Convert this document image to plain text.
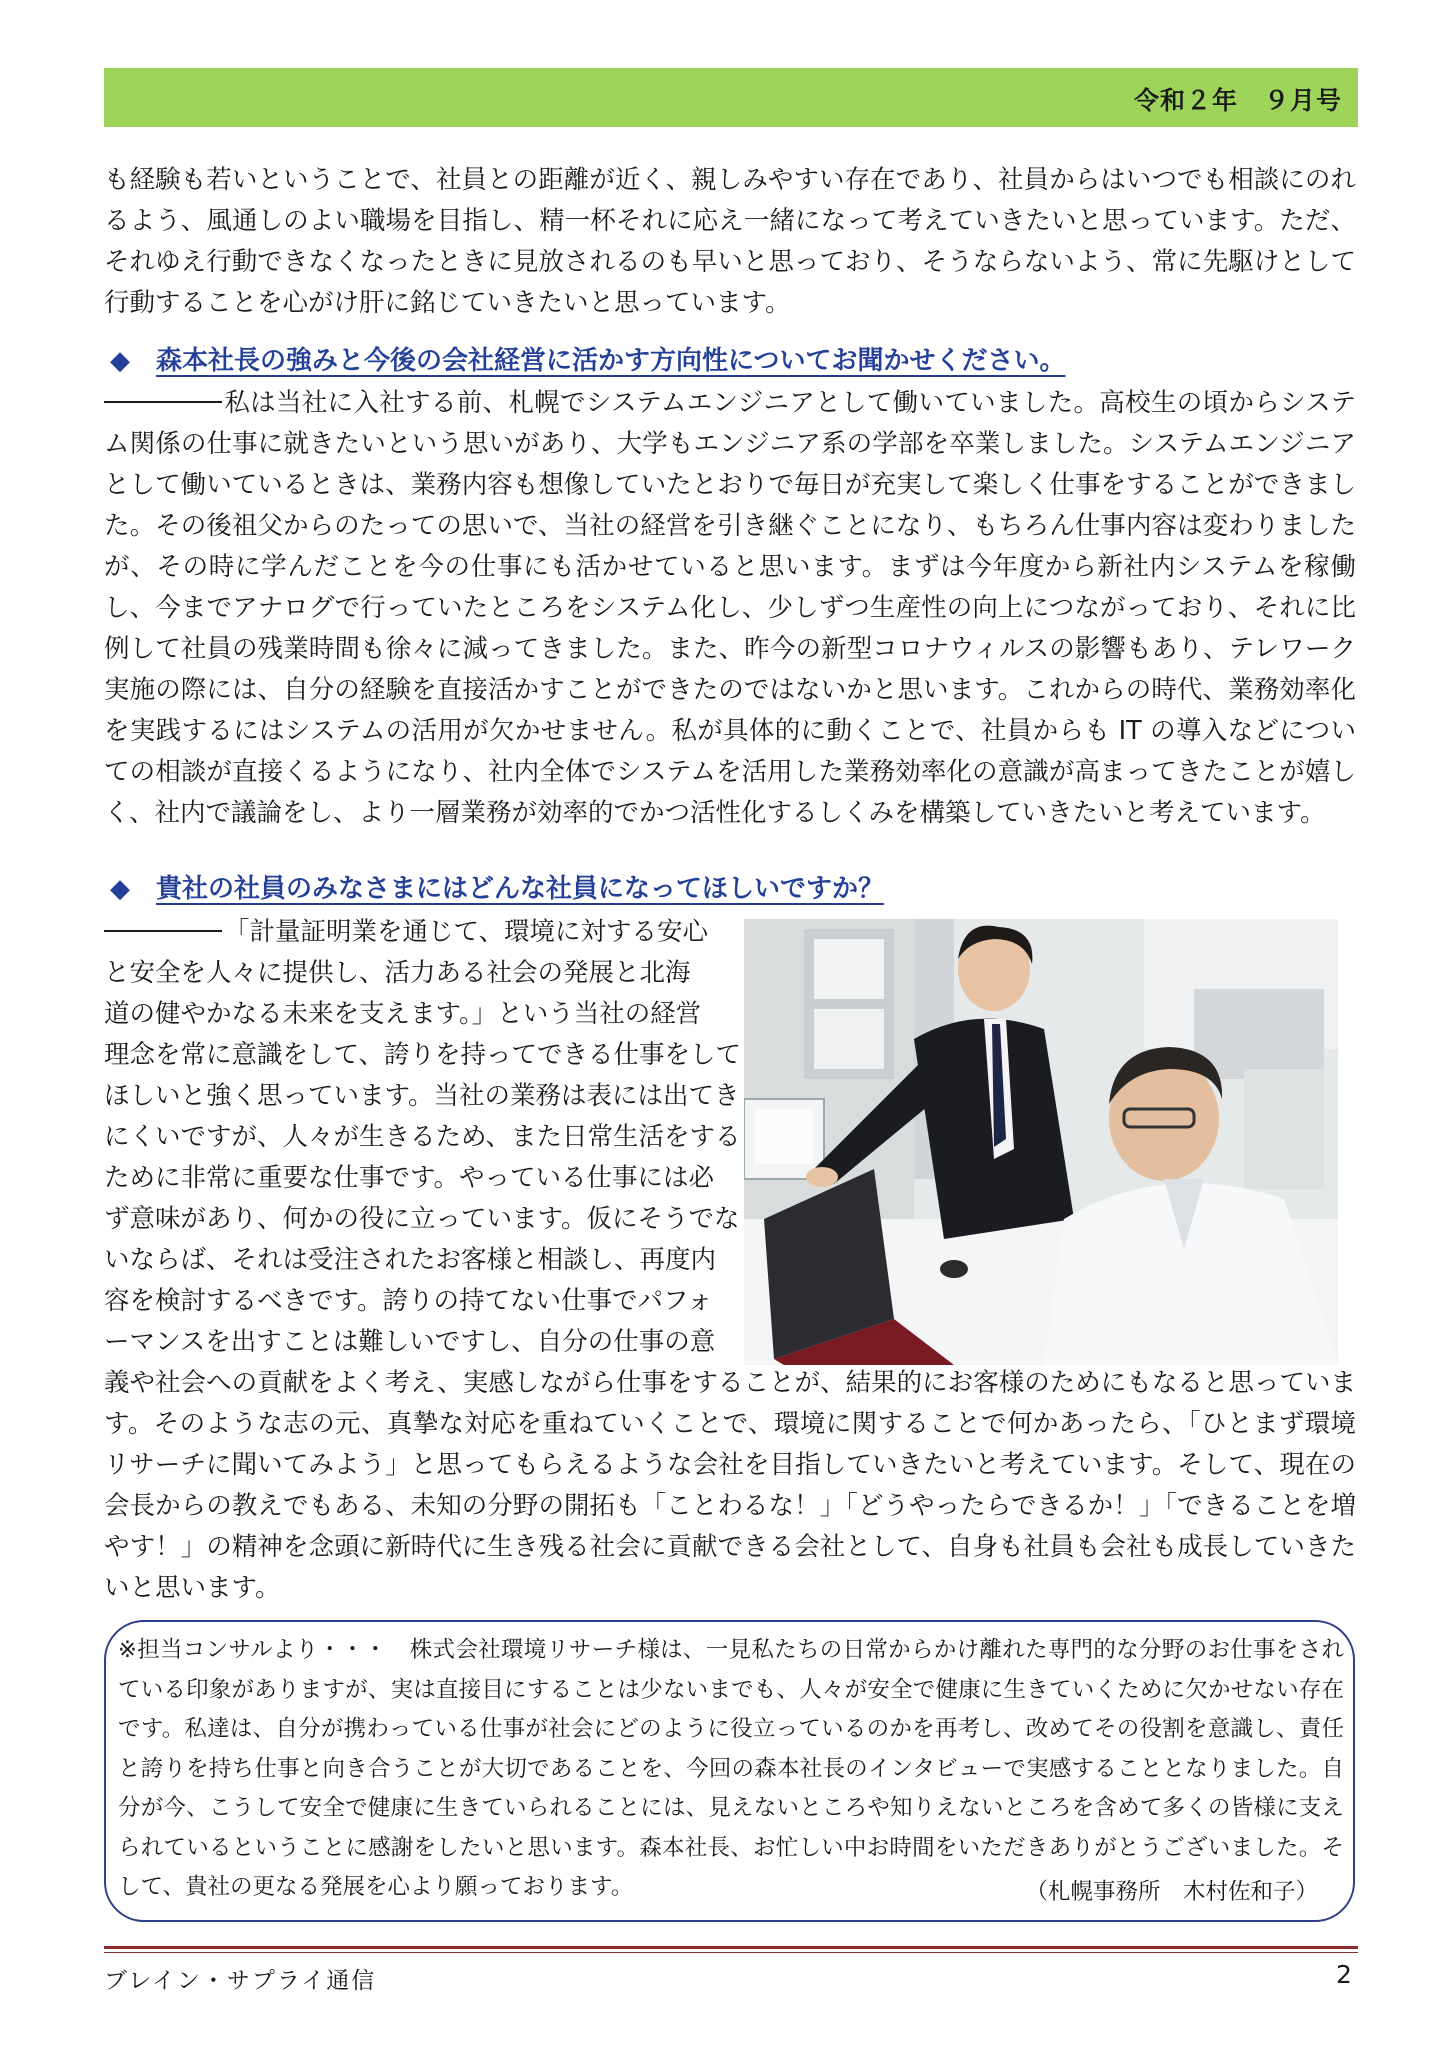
令和２年　９月号

も経験も若いということで、社員との距離が近く、親しみやすい存在であり、社員からはいつでも相談にのれるよう、風通しのよい職場を目指し、精一杯それに応え一緒になって考えていきたいと思っています。ただ、それゆえ行動できなくなったときに見放されるのも早いと思っており、そうならないよう、常に先駆けとして行動することを心がけ肝に銘じていきたいと思っています。

◆ 森本社長の強みと今後の会社経営に活かす方向性についてお聞かせください。

私は当社に入社する前、札幌でシステムエンジニアとして働いていました。高校生の頃からシステム関係の仕事に就きたいという思いがあり、大学もエンジニア系の学部を卒業しました。システムエンジニアとして働いているときは、業務内容も想像していたとおりで毎日が充実して楽しく仕事をすることができました。その後祖父からのたっての思いで、当社の経営を引き継ぐことになり、もちろん仕事内容は変わりましたが、その時に学んだことを今の仕事にも活かせていると思います。まずは今年度から新社内システムを稼働し、今までアナログで行っていたところをシステム化し、少しずつ生産性の向上につながっており、それに比例して社員の残業時間も徐々に減ってきました。また、昨今の新型コロナウィルスの影響もあり、テレワーク実施の際には、自分の経験を直接活かすことができたのではないかと思います。これからの時代、業務効率化を実践するにはシステムの活用が欠かせません。私が具体的に動くことで、社員からも IT の導入などについての相談が直接くるようになり、社内全体でシステムを活用した業務効率化の意識が高まってきたことが嬉しく、社内で議論をし、より一層業務が効率的でかつ活性化するしくみを構築していきたいと考えています。

◆ 貴社の社員のみなさまにはどんな社員になってほしいですか？

「計量証明業を通じて、環境に対する安心
と安全を人々に提供し、活力ある社会の発展と北海
道の健やかなる未来を支えます。」という当社の経営
理念を常に意識をして、誇りを持ってできる仕事をして
ほしいと強く思っています。当社の業務は表には出てき
にくいですが、人々が生きるため、また日常生活をする
ために非常に重要な仕事です。やっている仕事には必
ず意味があり、何かの役に立っています。仮にそうでな
いならば、それは受注されたお客様と相談し、再度内
容を検討するべきです。誇りの持てない仕事でパフォ
ーマンスを出すことは難しいですし、自分の仕事の意

義や社会への貢献をよく考え、実感しながら仕事をすることが、結果的にお客様のためにもなると思っています。そのような志の元、真摯な対応を重ねていくことで、環境に関することで何かあったら、「ひとまず環境リサーチに聞いてみよう」と思ってもらえるような会社を目指していきたいと考えています。そして、現在の会長からの教えでもある、未知の分野の開拓も「ことわるな！」「どうやったらできるか！」「できることを増やす！」の精神を念頭に新時代に生き残る社会に貢献できる会社として、自身も社員も会社も成長していきたいと思います。

※担当コンサルより・・・　株式会社環境リサーチ様は、一見私たちの日常からかけ離れた専門的な分野のお仕事をされている印象がありますが、実は直接目にすることは少ないまでも、人々が安全で健康に生きていくために欠かせない存在です。私達は、自分が携わっている仕事が社会にどのように役立っているのかを再考し、改めてその役割を意識し、責任と誇りを持ち仕事と向き合うことが大切であることを、今回の森本社長のインタビューで実感することとなりました。自分が今、こうして安全で健康に生きていられることには、見えないところや知りえないところを含めて多くの皆様に支えられているということに感謝をしたいと思います。森本社長、お忙しい中お時間をいただきありがとうございました。そして、貴社の更なる発展を心より願っております。	（札幌事務所　木村佐和子）
ブレイン・サプライ通信	2
